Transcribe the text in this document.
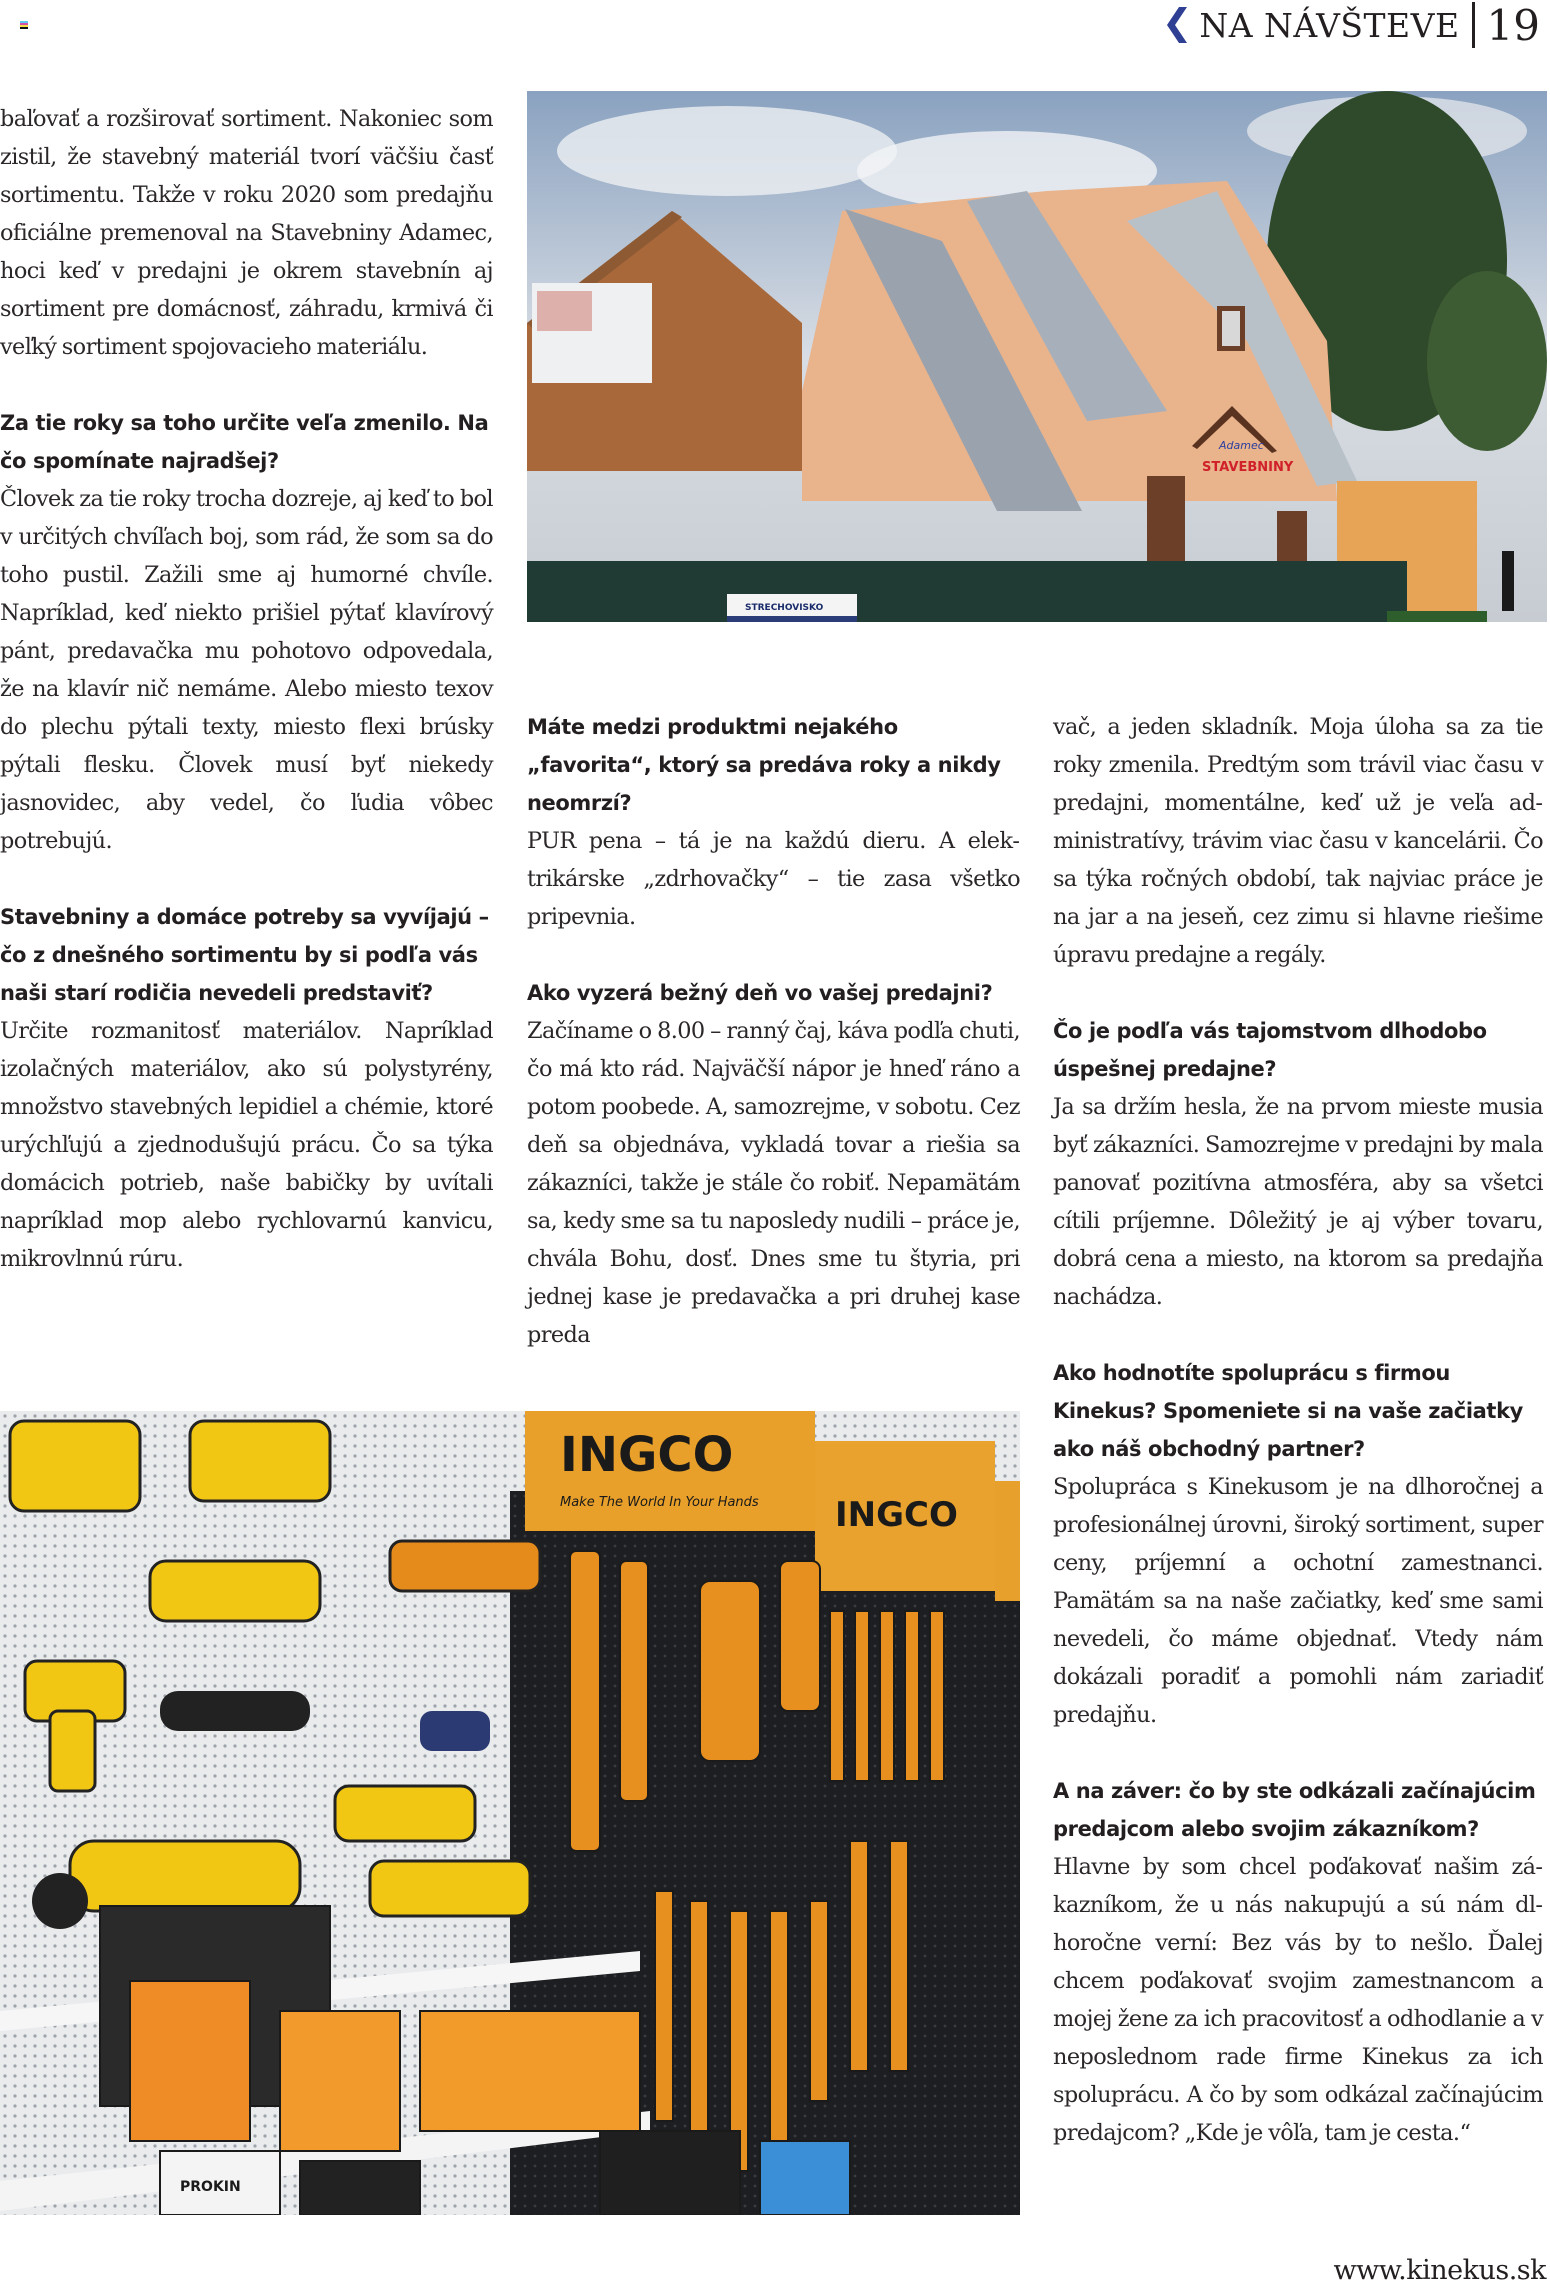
NA NÁVŠTEVE 19

baľovať a rozširovať sortiment. Nakoniec som zistil, že stavebný materiál tvorí väčšiu časť sortimentu. Takže v roku 2020 som predajňu oficiálne premenoval na Stavebniny Adamec, hoci keď v predajni je okrem stavebnín aj sortiment pre domácnosť, záhradu, krmivá či veľký sortiment spojovacieho materiálu.

Za tie roky sa toho určite veľa zmenilo. Na čo spomínate najradšej?

Človek za tie roky trocha dozreje, aj keď to bol v určitých chvíľach boj, som rád, že som sa do toho pustil. Zažili sme aj humorné chvíle. Napríklad, keď niekto prišiel pýtať klavírový pánt, predavačka mu pohotovo odpovedala, že na klavír nič nemáme. Alebo miesto texov do plechu pýtali texty, miesto flexi brúsky pýtali flesku. Človek musí byť niekedy jasnovidec, aby vedel, čo ľudia vôbec potrebujú.

Stavebniny a domáce potreby sa vyvíjajú – čo z dnešného sortimentu by si podľa vás naši starí rodičia nevedeli predstaviť?

Určite rozmanitosť materiálov. Napríklad izolačných materiálov, ako sú polystyrény, množstvo stavebných lepidiel a chémie, ktoré urýchľujú a zjednodušujú prácu. Čo sa týka domácich potrieb, naše babičky by uvítali napríklad mop alebo rychlovarnú kanvicu, mikrovlnnú rúru.

Adamec
STAVEBNINY
STRECHOVISKO

Máte medzi produktmi nejakého „favorita“, ktorý sa predáva roky a nikdy neomrzí?

PUR pena – tá je na každú dieru. A elektrikárske „zdrhovačky“ – tie zasa všetko pripevnia.

Ako vyzerá bežný deň vo vašej predajni?

Začíname o 8.00 – ranný čaj, káva podľa chuti, čo má kto rád. Najväčší nápor je hneď ráno a potom poobede. A, samozrejme, v sobotu. Cez deň sa objednáva, vykladá tovar a riešia sa zákazníci, takže je stále čo robiť. Nepamätám sa, kedy sme sa tu naposledy nudili – práce je, chvála Bohu, dosť. Dnes sme tu štyria, pri jednej kase je predavačka a pri druhej kase preda

vač, a jeden skladník. Moja úloha sa za tie roky zmenila. Predtým som trávil viac času v predajni, momentálne, keď už je veľa administratívy, trávim viac času v kancelárii. Čo sa týka ročných období, tak najviac práce je na jar a na jeseň, cez zimu si hlavne riešime úpravu predajne a regály.

Čo je podľa vás tajomstvom dlhodobo úspešnej predajne?

Ja sa držím hesla, že na prvom mieste musia byť zákazníci. Samozrejme v predajni by mala panovať pozitívna atmosféra, aby sa všetci cítili príjemne. Dôležitý je aj výber tovaru, dobrá cena a miesto, na ktorom sa predajňa nachádza.

Ako hodnotíte spoluprácu s firmou Kinekus? Spomeniete si na vaše začiatky ako náš obchodný partner?

Spolupráca s Kinekusom je na dlhoročnej a profesionálnej úrovni, široký sortiment, super ceny, príjemní a ochotní zamestnanci. Pamätám sa na naše začiatky, keď sme sami nevedeli, čo máme objednať. Vtedy nám dokázali poradiť a pomohli nám zariadiť predajňu.

A na záver: čo by ste odkázali začínajúcim predajcom alebo svojim zákazníkom?

Hlavne by som chcel poďakovať našim zákazníkom, že u nás nakupujú a sú nám dlhoročne verní: Bez vás by to nešlo. Ďalej chcem poďakovať svojim zamestnancom a mojej žene za ich pracovitosť a odhodlanie a v neposlednom rade firme Kinekus za ich spoluprácu. A čo by som odkázal začínajúcim predajcom? „Kde je vôľa, tam je cesta.“

INGCO
Make The World In Your Hands INGCO
PROKIN
www.kinekus.sk
